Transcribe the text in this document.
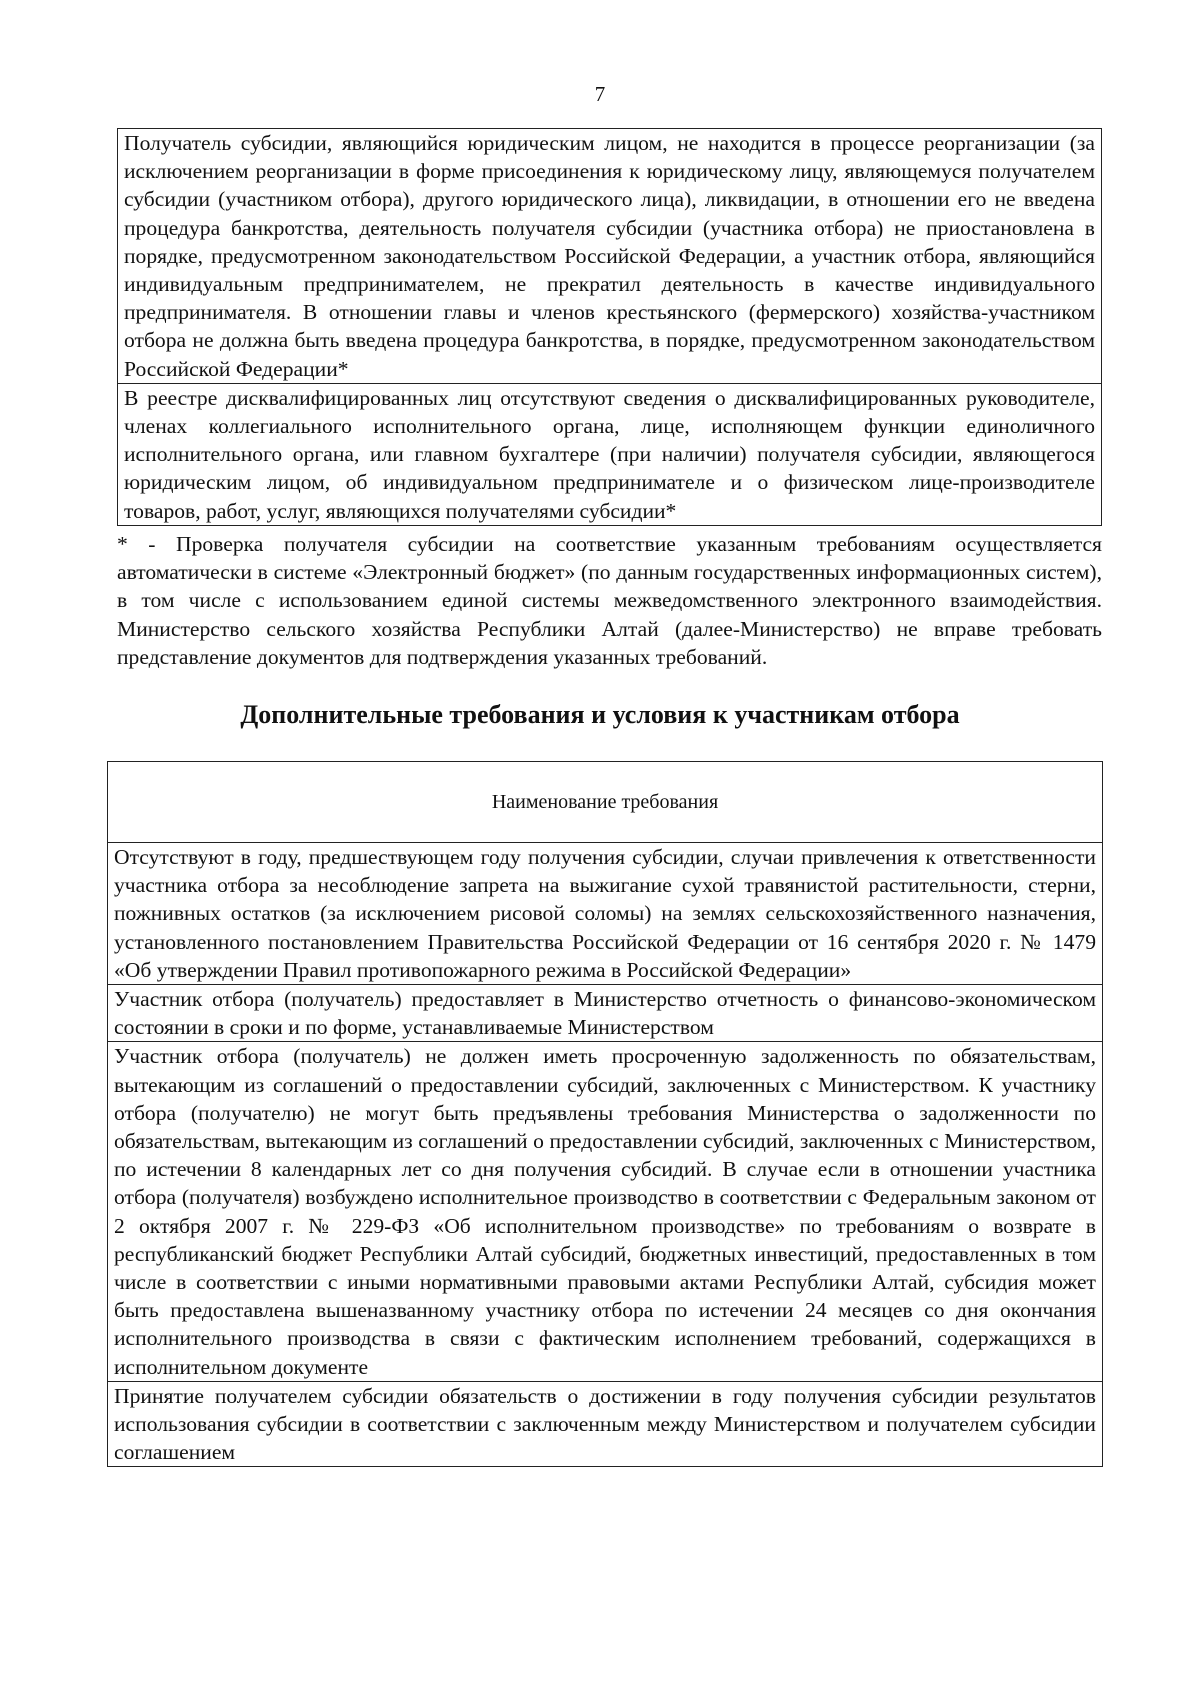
7
Получатель субсидии, являющийся юридическим лицом, не находится в процессе реорганизации (за исключением реорганизации в форме присоединения к юридическому лицу, являющемуся получателем субсидии (участником отбора), другого юридического лица), ликвидации, в отношении его не введена процедура банкротства, деятельность получателя субсидии (участника отбора) не приостановлена в порядке, предусмотренном законодательством Российской Федерации, а участник отбора, являющийся индивидуальным предпринимателем, не прекратил деятельность в качестве индивидуального предпринимателя. В отношении главы и членов крестьянского (фермерского) хозяйства-участником отбора не должна быть введена процедура банкротства, в порядке, предусмотренном законодательством Российской Федерации*
В реестре дисквалифицированных лиц отсутствуют сведения о дисквалифицированных руководителе, членах коллегиального исполнительного органа, лице, исполняющем функции единоличного исполнительного органа, или главном бухгалтере (при наличии) получателя субсидии, являющегося юридическим лицом, об индивидуальном предпринимателе и о физическом лице-производителе товаров, работ, услуг, являющихся получателями субсидии*

* - Проверка получателя субсидии на соответствие указанным требованиям осуществляется автоматически в системе «Электронный бюджет» (по данным государственных информационных систем), в том числе с использованием единой системы межведомственного электронного взаимодействия. Министерство сельского хозяйства Республики Алтай (далее-Министерство) не вправе требовать представление документов для подтверждения указанных требований.

Дополнительные требования и условия к участникам отбора
Наименование требования
Отсутствуют в году, предшествующем году получения субсидии, случаи привлечения к ответственности участника отбора за несоблюдение запрета на выжигание сухой травянистой растительности, стерни, пожнивных остатков (за исключением рисовой соломы) на землях сельскохозяйственного назначения, установленного постановлением Правительства Российской Федерации от 16 сентября 2020 г. № 1479 «Об утверждении Правил противопожарного режима в Российской Федерации»
Участник отбора (получатель) предоставляет в Министерство отчетность о финансово-экономическом состоянии в сроки и по форме, устанавливаемые Министерством
Участник отбора (получатель) не должен иметь просроченную задолженность по обязательствам, вытекающим из соглашений о предоставлении субсидий, заключенных с Министерством. К участнику отбора (получателю) не могут быть предъявлены требования Министерства о задолженности по обязательствам, вытекающим из соглашений о предоставлении субсидий, заключенных с Министерством, по истечении 8 календарных лет со дня получения субсидий. В случае если в отношении участника отбора (получателя) возбуждено исполнительное производство в соответствии с Федеральным законом от 2 октября 2007 г. № 229-ФЗ «Об исполнительном производстве» по требованиям о возврате в республиканский бюджет Республики Алтай субсидий, бюджетных инвестиций, предоставленных в том числе в соответствии с иными нормативными правовыми актами Республики Алтай, субсидия может быть предоставлена вышеназванному участнику отбора по истечении 24 месяцев со дня окончания исполнительного производства в связи с фактическим исполнением требований, содержащихся в исполнительном документе
Принятие получателем субсидии обязательств о достижении в году получения субсидии результатов использования субсидии в соответствии с заключенным между Министерством и получателем субсидии соглашением
